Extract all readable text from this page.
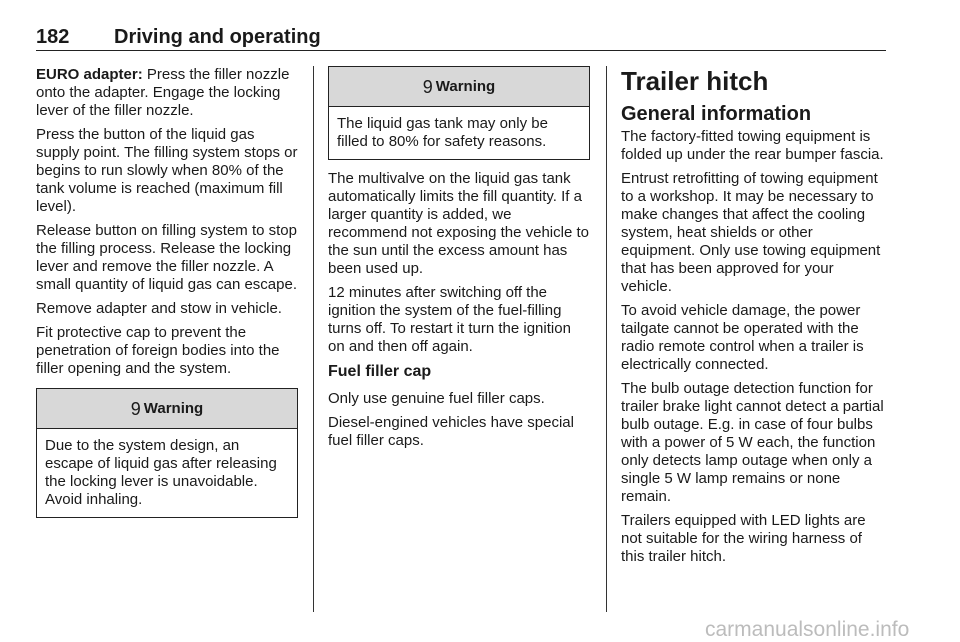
182 Driving and operating

EURO adapter: Press the filler nozzle onto the adapter. Engage the locking lever of the filler nozzle.

Press the button of the liquid gas supply point. The filling system stops or begins to run slowly when 80% of the tank volume is reached (maximum fill level).

Release button on filling system to stop the filling process. Release the locking lever and remove the filler nozzle. A small quantity of liquid gas can escape.

Remove adapter and stow in vehicle.

Fit protective cap to prevent the penetration of foreign bodies into the filler opening and the system.

9 Warning
Due to the system design, an escape of liquid gas after releasing the locking lever is unavoidable. Avoid inhaling.
9 Warning
The liquid gas tank may only be filled to 80% for safety reasons.

The multivalve on the liquid gas tank automatically limits the fill quantity. If a larger quantity is added, we recommend not exposing the vehicle to the sun until the excess amount has been used up.

12 minutes after switching off the ignition the system of the fuel-filling turns off. To restart it turn the ignition on and then off again.

Fuel filler cap

Only use genuine fuel filler caps.

Diesel-engined vehicles have special fuel filler caps.

Trailer hitch
General information

The factory-fitted towing equipment is folded up under the rear bumper fascia.

Entrust retrofitting of towing equipment to a workshop. It may be necessary to make changes that affect the cooling system, heat shields or other equipment. Only use towing equipment that has been approved for your vehicle.

To avoid vehicle damage, the power tailgate cannot be operated with the radio remote control when a trailer is electrically connected.

The bulb outage detection function for trailer brake light cannot detect a partial bulb outage. E.g. in case of four bulbs with a power of 5 W each, the function only detects lamp outage when only a single 5 W lamp remains or none remain.

Trailers equipped with LED lights are not suitable for the wiring harness of this trailer hitch.

carmanualsonline.info
